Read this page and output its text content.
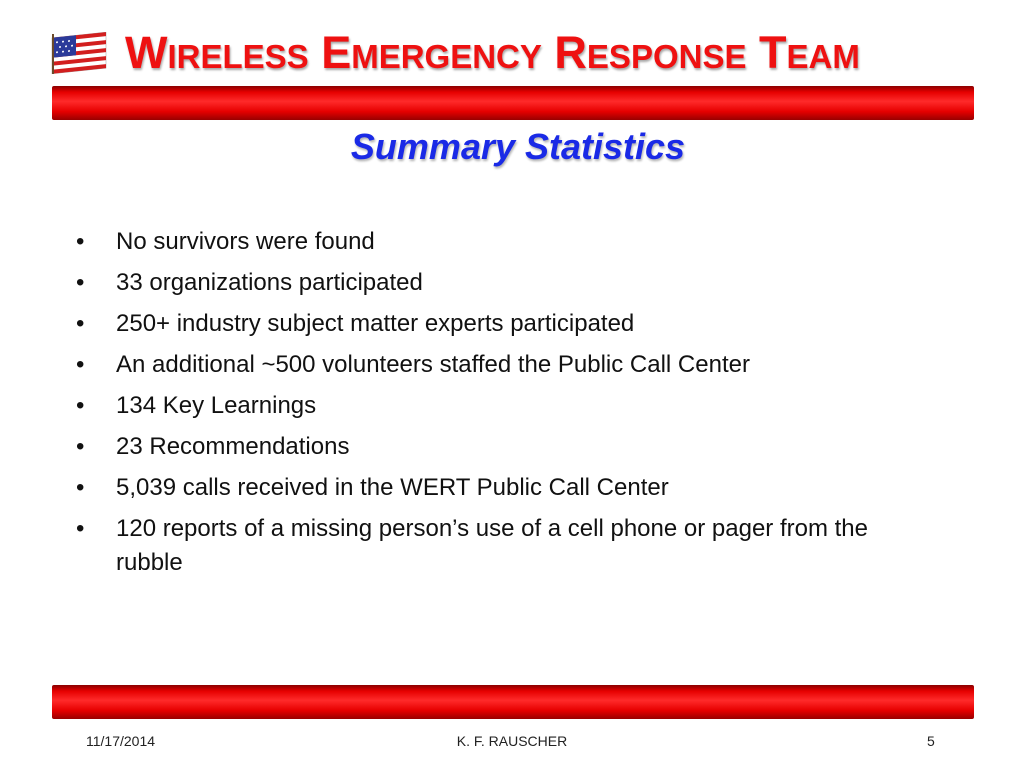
WIRELESS EMERGENCY RESPONSE TEAM
Summary Statistics
• No survivors were found
• 33 organizations participated
• 250+ industry subject matter experts participated
• An additional ~500 volunteers staffed the Public Call Center
• 134 Key Learnings
• 23 Recommendations
• 5,039 calls received in the WERT Public Call Center
• 120 reports of a missing person’s use of a cell phone or pager from the rubble
11/17/2014	K. F. RAUSCHER	5
